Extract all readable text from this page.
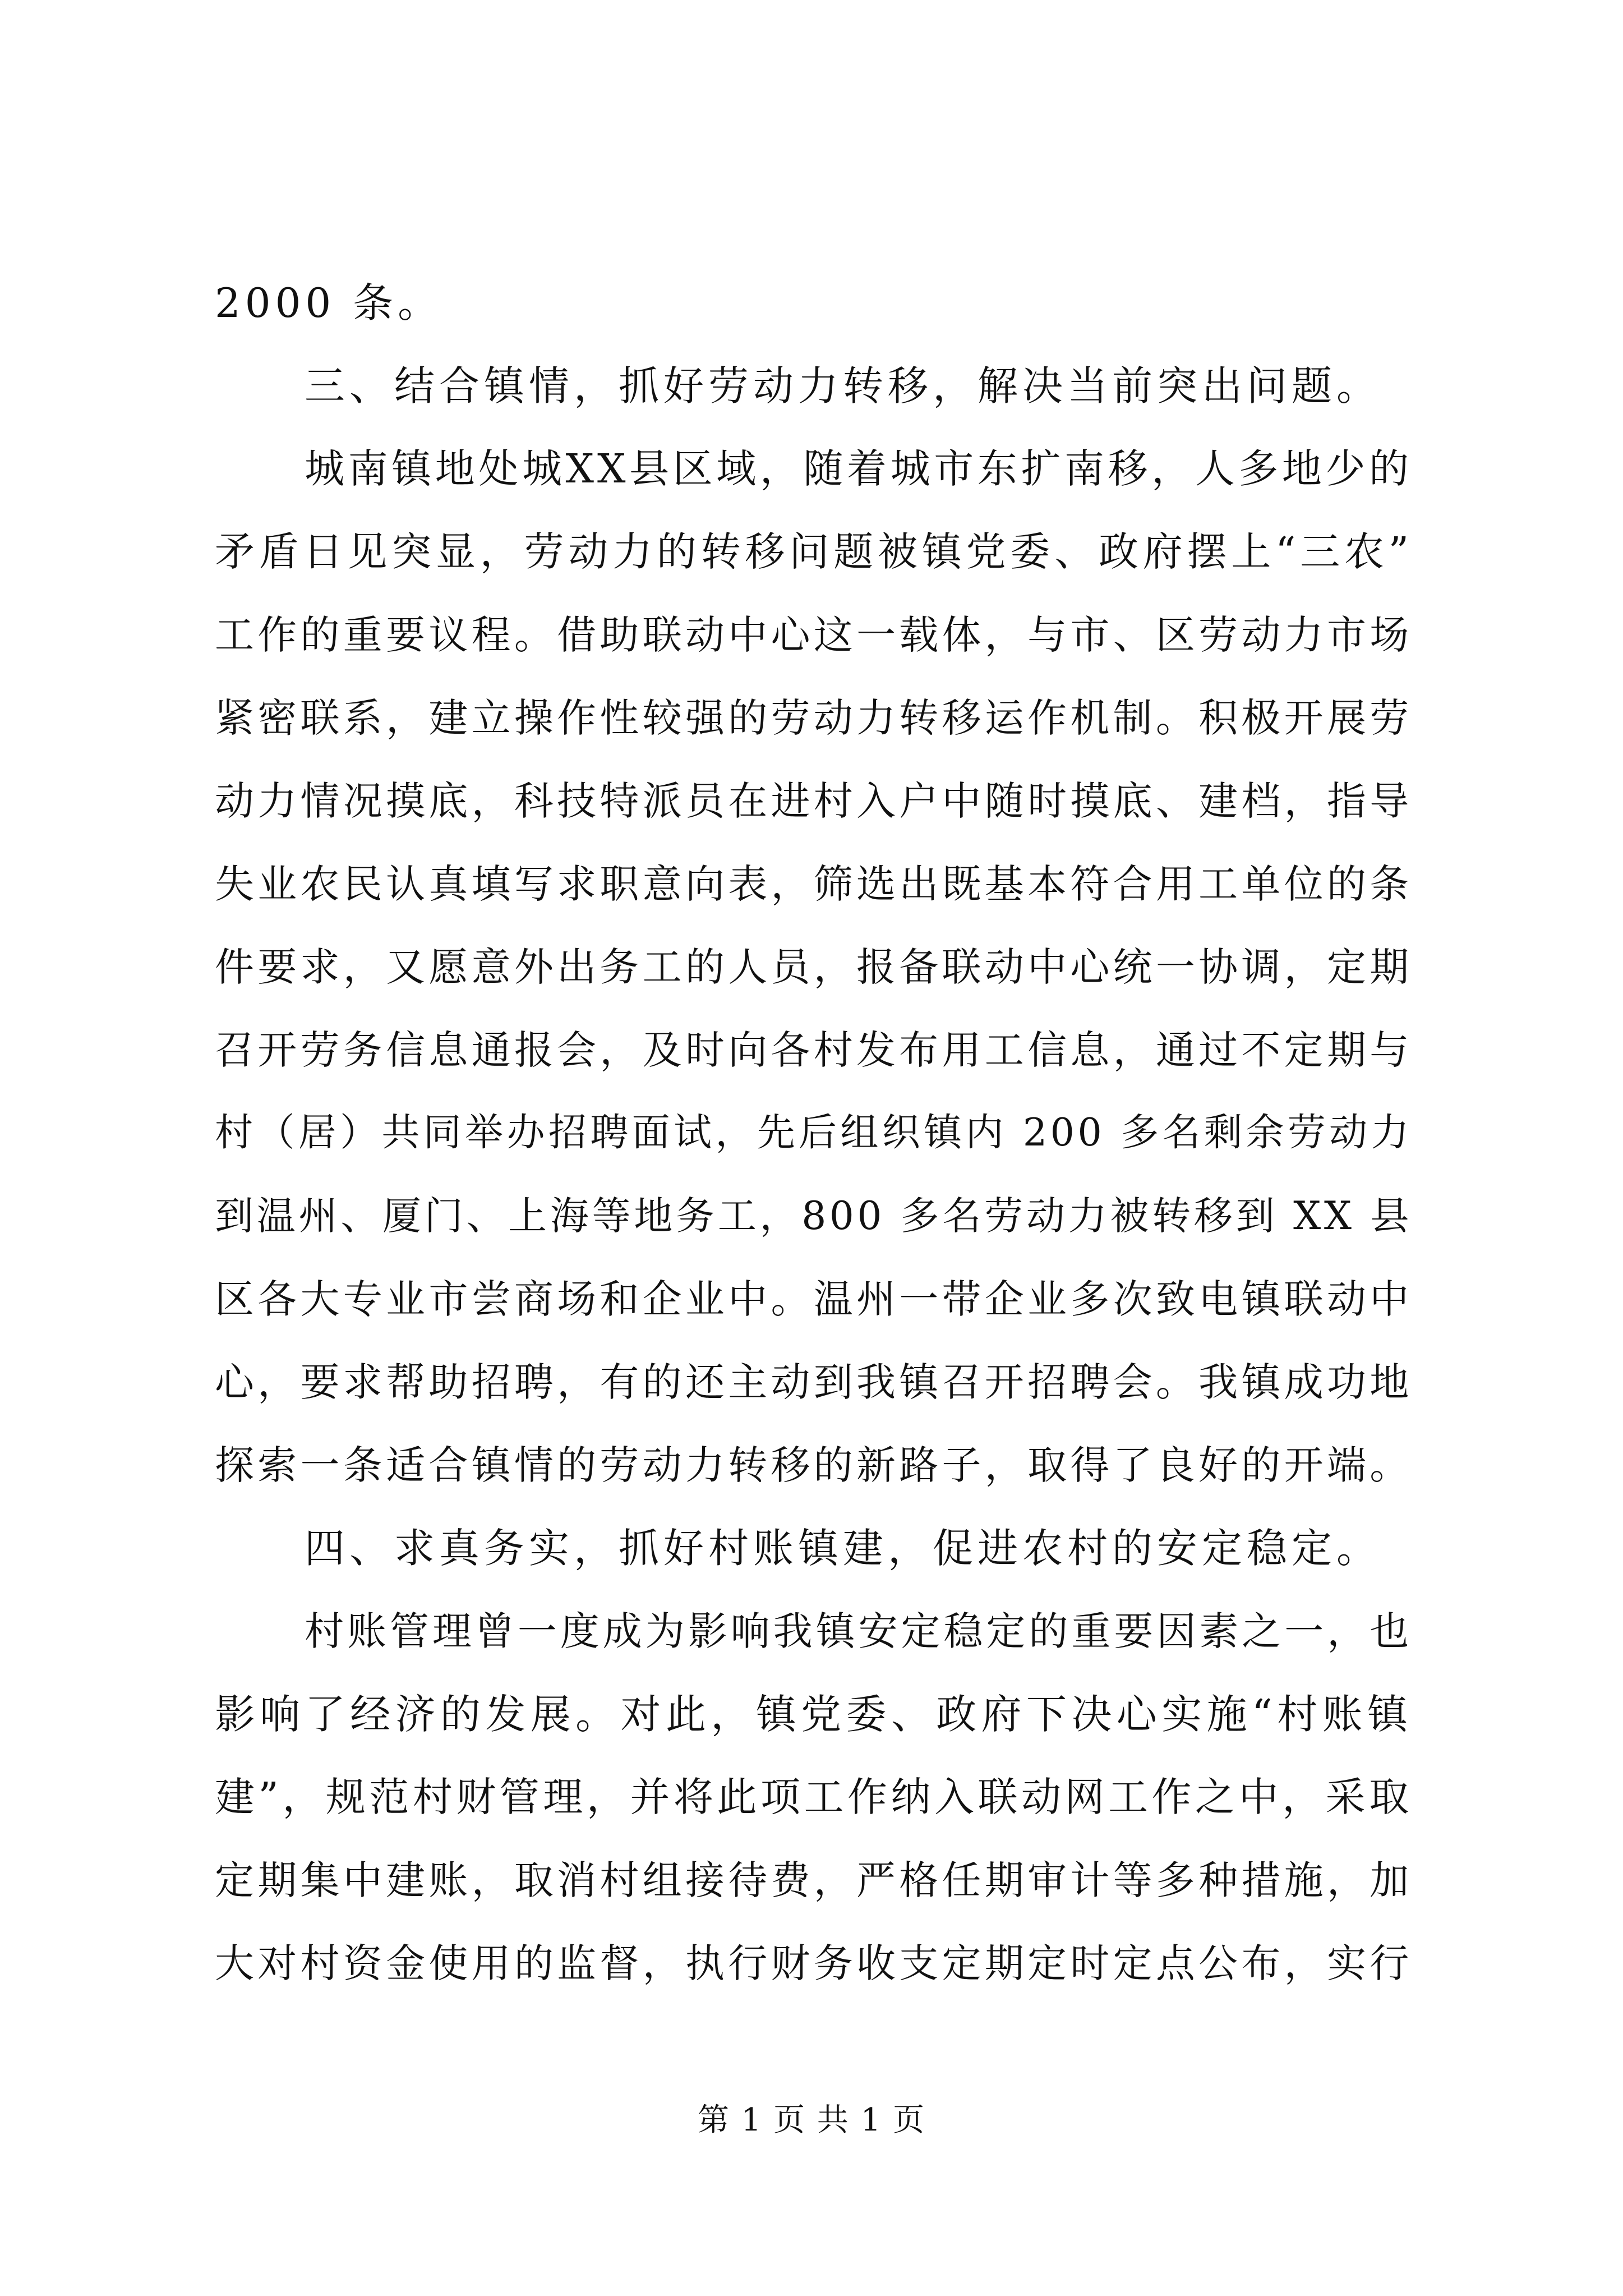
2000 条。
三、结合镇情，抓好劳动力转移，解决当前突出问题。
城南镇地处城XX县区域，随着城市东扩南移，人多地少的
矛盾日见突显，劳动力的转移问题被镇党委、政府摆上“三农”
工作的重要议程。借助联动中心这一载体，与市、区劳动力市场
紧密联系，建立操作性较强的劳动力转移运作机制。积极开展劳
动力情况摸底，科技特派员在进村入户中随时摸底、建档，指导
失业农民认真填写求职意向表，筛选出既基本符合用工单位的条
件要求，又愿意外出务工的人员，报备联动中心统一协调，定期
召开劳务信息通报会，及时向各村发布用工信息，通过不定期与
村（居）共同举办招聘面试，先后组织镇内 200 多名剩余劳动力
到温州、厦门、上海等地务工，800 多名劳动力被转移到 XX 县
区各大专业市尝商场和企业中。温州一带企业多次致电镇联动中
心，要求帮助招聘，有的还主动到我镇召开招聘会。我镇成功地
探索一条适合镇情的劳动力转移的新路子，取得了良好的开端。
四、求真务实，抓好村账镇建，促进农村的安定稳定。
村账管理曾一度成为影响我镇安定稳定的重要因素之一，也
影响了经济的发展。对此，镇党委、政府下决心实施“村账镇
建”，规范村财管理，并将此项工作纳入联动网工作之中，采取
定期集中建账，取消村组接待费，严格任期审计等多种措施，加
大对村资金使用的监督，执行财务收支定期定时定点公布，实行
第 1 页 共 1 页
